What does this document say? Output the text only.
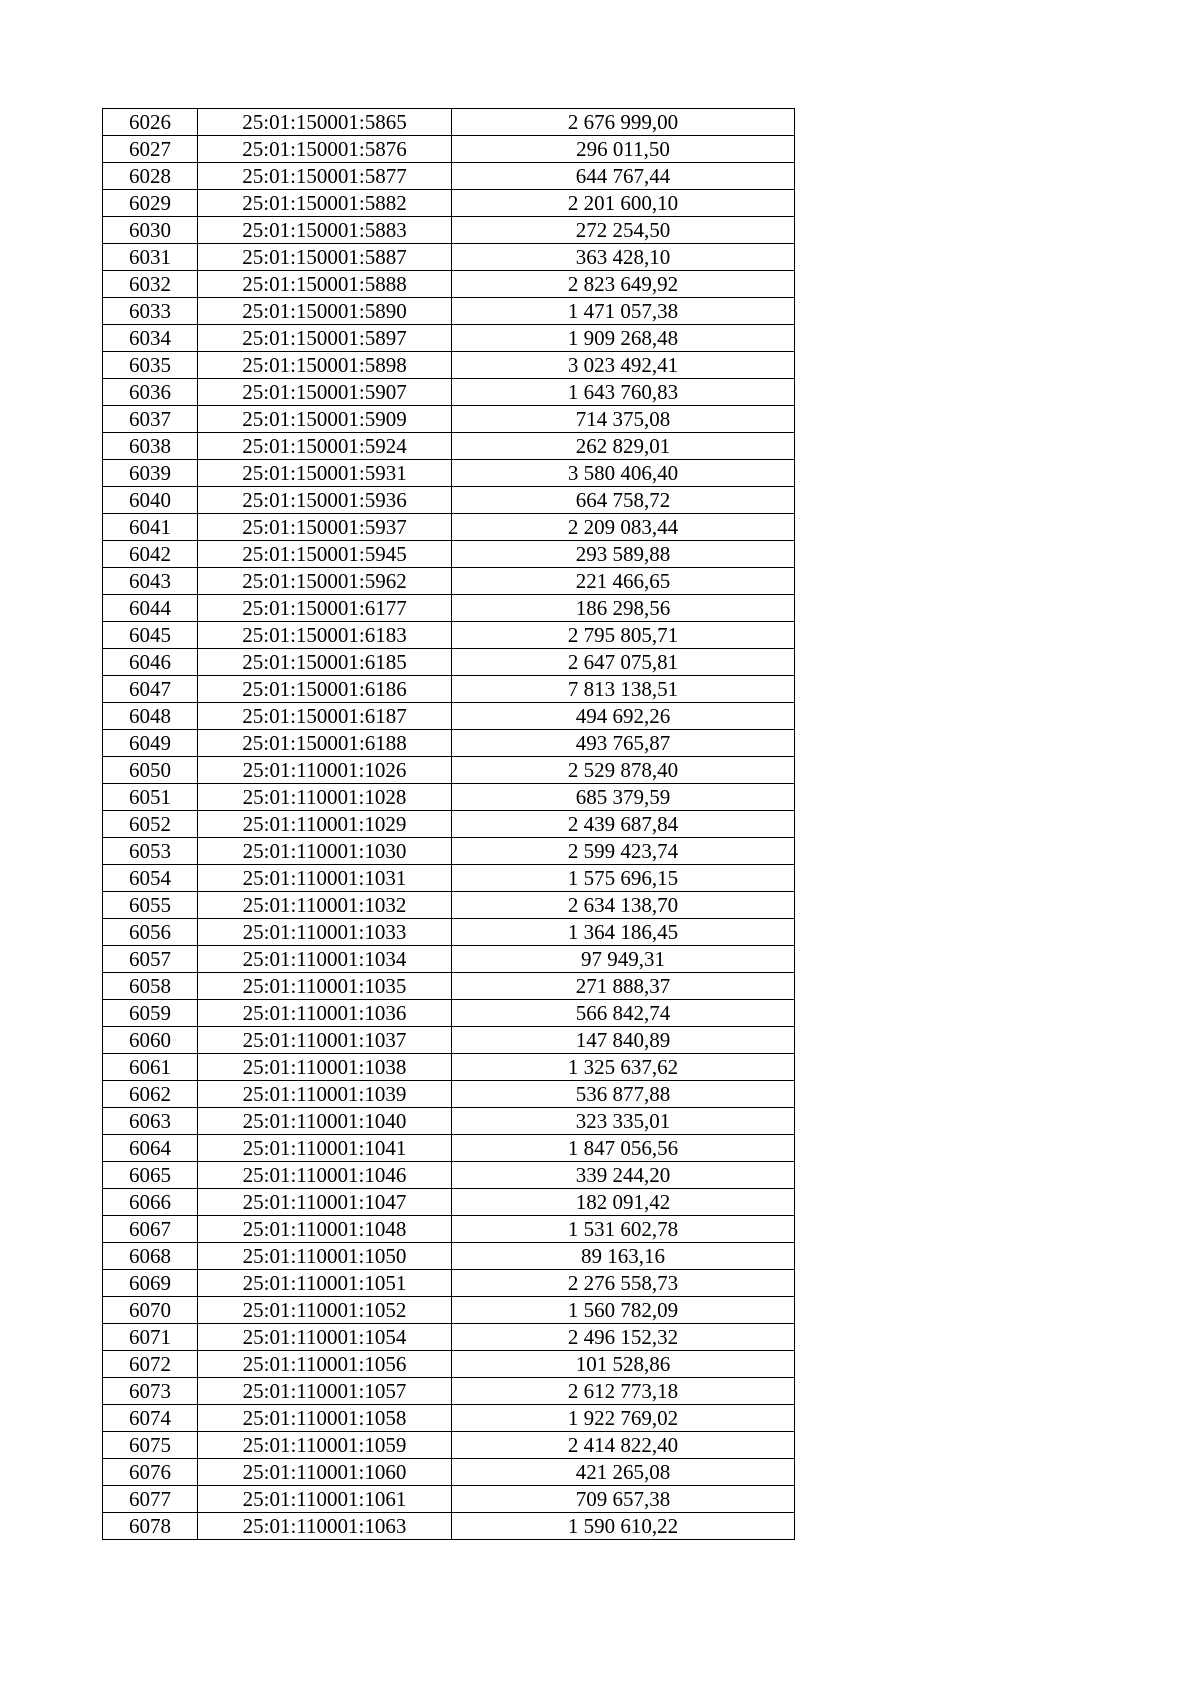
6026	25:01:150001:5865	2 676 999,00
6027	25:01:150001:5876	296 011,50
6028	25:01:150001:5877	644 767,44
6029	25:01:150001:5882	2 201 600,10
6030	25:01:150001:5883	272 254,50
6031	25:01:150001:5887	363 428,10
6032	25:01:150001:5888	2 823 649,92
6033	25:01:150001:5890	1 471 057,38
6034	25:01:150001:5897	1 909 268,48
6035	25:01:150001:5898	3 023 492,41
6036	25:01:150001:5907	1 643 760,83
6037	25:01:150001:5909	714 375,08
6038	25:01:150001:5924	262 829,01
6039	25:01:150001:5931	3 580 406,40
6040	25:01:150001:5936	664 758,72
6041	25:01:150001:5937	2 209 083,44
6042	25:01:150001:5945	293 589,88
6043	25:01:150001:5962	221 466,65
6044	25:01:150001:6177	186 298,56
6045	25:01:150001:6183	2 795 805,71
6046	25:01:150001:6185	2 647 075,81
6047	25:01:150001:6186	7 813 138,51
6048	25:01:150001:6187	494 692,26
6049	25:01:150001:6188	493 765,87
6050	25:01:110001:1026	2 529 878,40
6051	25:01:110001:1028	685 379,59
6052	25:01:110001:1029	2 439 687,84
6053	25:01:110001:1030	2 599 423,74
6054	25:01:110001:1031	1 575 696,15
6055	25:01:110001:1032	2 634 138,70
6056	25:01:110001:1033	1 364 186,45
6057	25:01:110001:1034	97 949,31
6058	25:01:110001:1035	271 888,37
6059	25:01:110001:1036	566 842,74
6060	25:01:110001:1037	147 840,89
6061	25:01:110001:1038	1 325 637,62
6062	25:01:110001:1039	536 877,88
6063	25:01:110001:1040	323 335,01
6064	25:01:110001:1041	1 847 056,56
6065	25:01:110001:1046	339 244,20
6066	25:01:110001:1047	182 091,42
6067	25:01:110001:1048	1 531 602,78
6068	25:01:110001:1050	89 163,16
6069	25:01:110001:1051	2 276 558,73
6070	25:01:110001:1052	1 560 782,09
6071	25:01:110001:1054	2 496 152,32
6072	25:01:110001:1056	101 528,86
6073	25:01:110001:1057	2 612 773,18
6074	25:01:110001:1058	1 922 769,02
6075	25:01:110001:1059	2 414 822,40
6076	25:01:110001:1060	421 265,08
6077	25:01:110001:1061	709 657,38
6078	25:01:110001:1063	1 590 610,22
